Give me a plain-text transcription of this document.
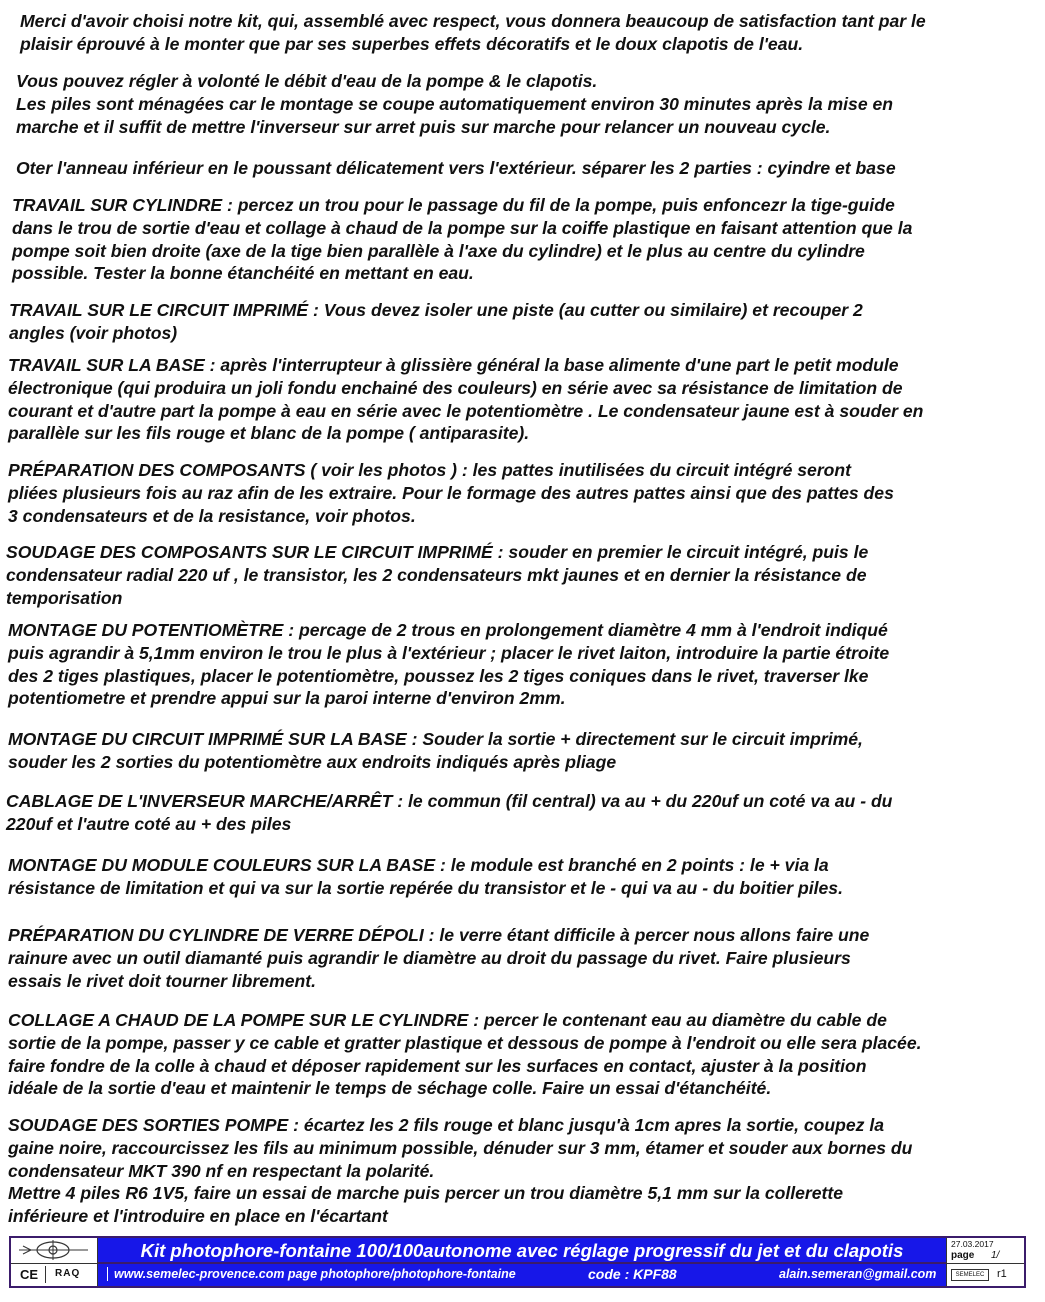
Merci d'avoir choisi notre kit, qui, assemblé avec respect, vous donnera beaucoup de satisfaction tant par le
plaisir éprouvé à le monter que par ses superbes effets décoratifs et le doux clapotis de l'eau.
Vous pouvez régler à volonté le débit d'eau de la pompe & le clapotis.
Les piles sont ménagées car le montage se coupe automatiquement environ 30 minutes après la mise en
marche et il suffit de mettre l'inverseur sur arret puis sur marche pour relancer un nouveau cycle.
Oter l'anneau inférieur en le poussant délicatement vers l'extérieur. séparer les 2 parties : cyindre et base
TRAVAIL SUR CYLINDRE : percez un trou pour le passage du fil de la pompe, puis enfoncezr la tige-guide
dans le trou de sortie d'eau et collage à chaud de la pompe sur la coiffe plastique en faisant attention que la
pompe soit bien droite (axe de la tige bien parallèle à l'axe du cylindre) et le plus au centre du cylindre
possible. Tester la bonne étanchéité en mettant en eau.
TRAVAIL SUR LE CIRCUIT IMPRIMÉ : Vous devez isoler une piste (au cutter ou similaire) et recouper 2
angles (voir photos)
TRAVAIL SUR LA BASE : après l'interrupteur à glissière général la base alimente d'une part le petit module
électronique (qui produira un joli fondu enchainé des couleurs) en série avec sa résistance de limitation de
courant et d'autre part la pompe à eau en série avec le potentiomètre . Le condensateur jaune est à souder en
parallèle sur les fils rouge et blanc de la pompe ( antiparasite).
PRÉPARATION DES COMPOSANTS ( voir les photos ) : les pattes inutilisées du circuit intégré seront
pliées plusieurs fois au raz afin de les extraire. Pour le formage des autres pattes ainsi que des pattes des
3 condensateurs et de la resistance, voir photos.
SOUDAGE DES COMPOSANTS SUR LE CIRCUIT IMPRIMÉ : souder en premier le circuit intégré, puis le
condensateur radial 220 uf , le transistor, les 2 condensateurs mkt jaunes et en dernier la résistance de
temporisation
MONTAGE DU POTENTIOMÈTRE : percage de 2 trous en prolongement diamètre 4 mm à l'endroit indiqué
puis agrandir à 5,1mm environ le trou le plus à l'extérieur ; placer le rivet laiton, introduire la partie étroite
des 2 tiges plastiques, placer le potentiomètre, poussez les 2 tiges coniques dans le rivet, traverser lke
potentiometre et prendre appui sur la paroi interne d'environ 2mm.
MONTAGE DU CIRCUIT IMPRIMÉ SUR LA BASE : Souder la sortie + directement sur le circuit imprimé,
souder les 2 sorties du potentiomètre aux endroits indiqués après pliage
CABLAGE DE L'INVERSEUR MARCHE/ARRÊT : le commun (fil central) va au + du 220uf un coté va au - du
220uf et l'autre coté au + des piles
MONTAGE DU MODULE COULEURS SUR LA BASE : le module est branché en 2 points : le + via la
résistance de limitation et qui va sur la sortie repérée du transistor et le - qui va au - du boitier piles.
PRÉPARATION DU CYLINDRE DE VERRE DÉPOLI : le verre étant difficile à percer nous allons faire une
rainure avec un outil diamanté puis agrandir le diamètre au droit du passage du rivet. Faire plusieurs
essais le rivet doit tourner librement.
COLLAGE A CHAUD DE LA POMPE SUR LE CYLINDRE : percer le contenant eau au diamètre du cable de
sortie de la pompe, passer y ce cable et gratter plastique et dessous de pompe à l'endroit ou elle sera placée.
faire fondre de la colle à chaud et déposer rapidement sur les surfaces en contact, ajuster à la position
idéale de la sortie d'eau et maintenir le temps de séchage colle. Faire un essai d'étanchéité.
SOUDAGE DES SORTIES POMPE : écartez les 2 fils rouge et blanc jusqu'à 1cm apres la sortie, coupez la
gaine noire, raccourcissez les fils au minimum possible, dénuder sur 3 mm, étamer et souder aux bornes du
condensateur MKT 390 nf en respectant la polarité.
Mettre 4 piles R6 1V5, faire un essai de marche puis percer un trou diamètre 5,1 mm sur la collerette
inférieure et l'introduire en place en l'écartant
Kit photophore-fontaine 100/100autonome avec réglage progressif du jet et du clapotis	27.03.2017
page 1/
CE RAQ	www.semelec-provence.com page photophore/photophore-fontaine	code : KPF88	alain.semeran@gmail.com	SEMELEC	r1
